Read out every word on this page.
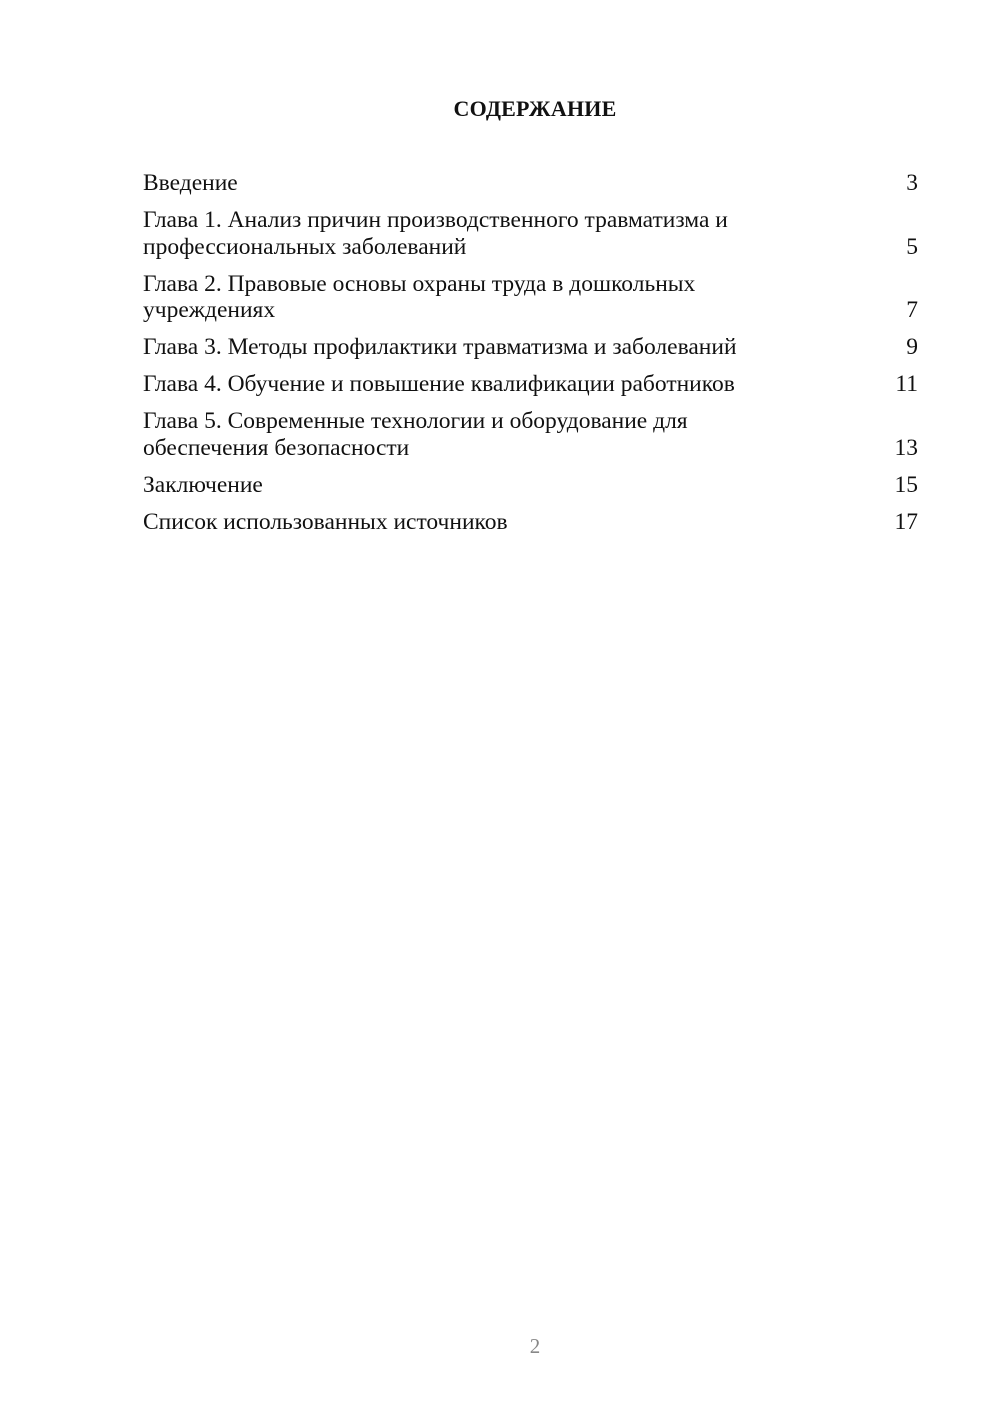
СОДЕРЖАНИЕ
Введение	3
Глава 1. Анализ причин производственного травматизма и
профессиональных заболеваний	5
Глава 2. Правовые основы охраны труда в дошкольных
учреждениях	7
Глава 3. Методы профилактики травматизма и заболеваний	9
Глава 4. Обучение и повышение квалификации работников	11
Глава 5. Современные технологии и оборудование для
обеспечения безопасности	13
Заключение	15
Список использованных источников	17
2
